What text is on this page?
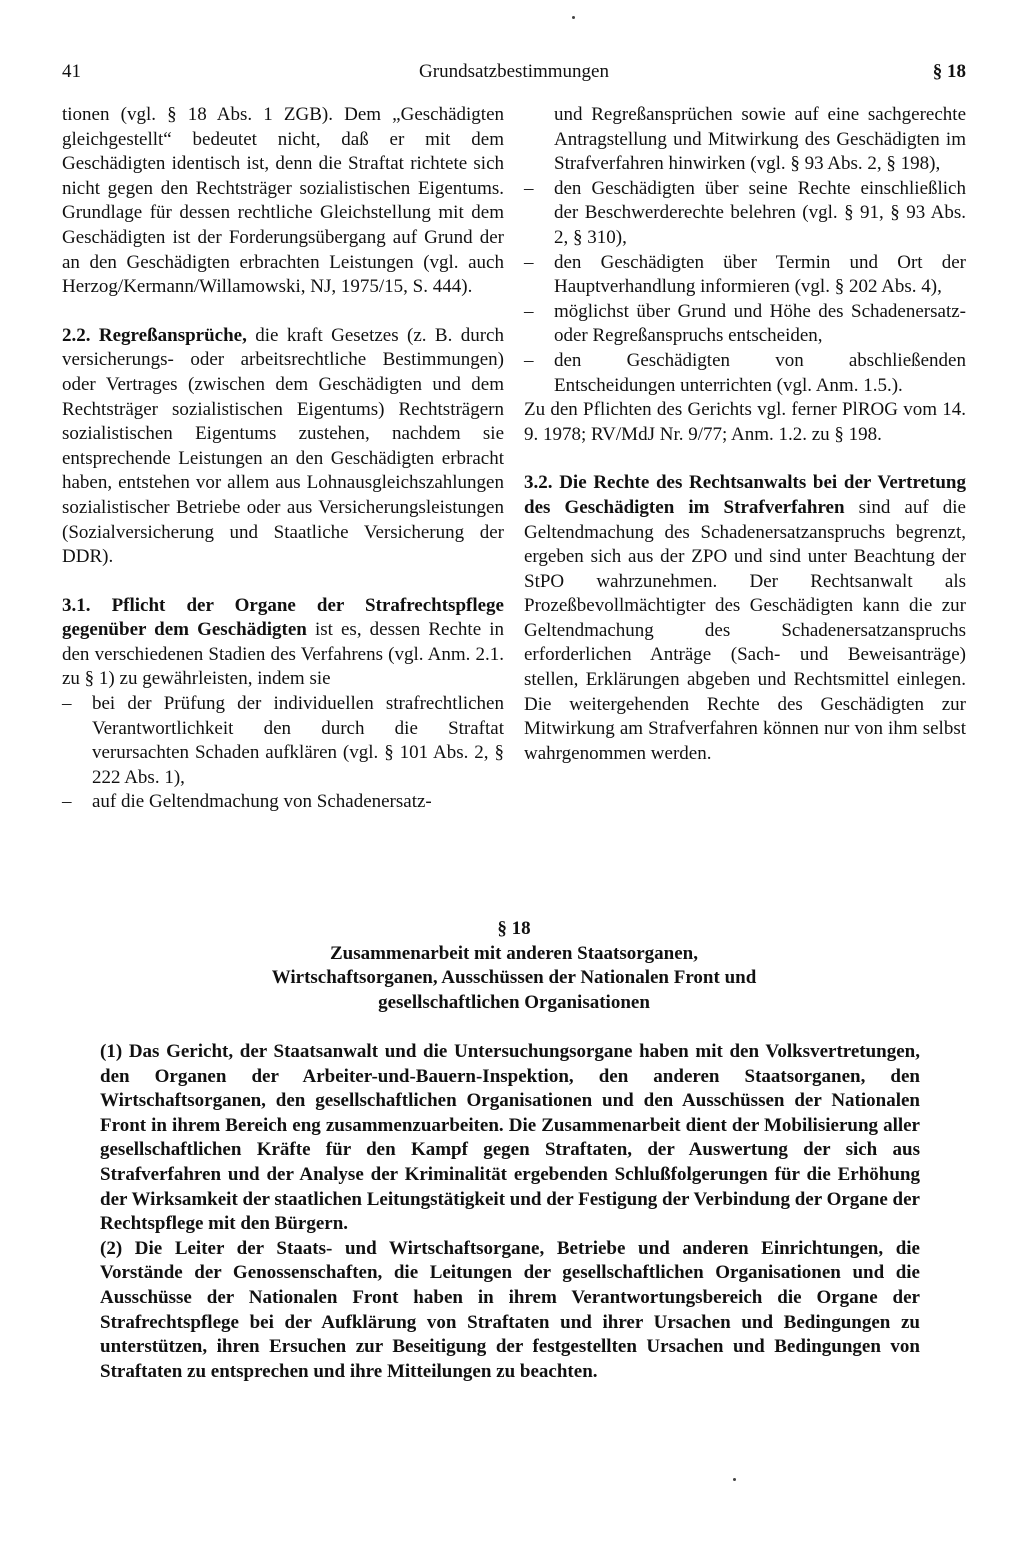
41	Grundsatzbestimmungen	§ 18

tionen (vgl. § 18 Abs. 1 ZGB). Dem „Geschädigten gleichgestellt“ bedeutet nicht, daß er mit dem Geschädigten identisch ist, denn die Straftat richtete sich nicht gegen den Rechtsträger sozialistischen Eigentums. Grundlage für dessen rechtliche Gleichstellung mit dem Geschädigten ist der Forderungsübergang auf Grund der an den Geschädigten erbrachten Leistungen (vgl. auch Herzog/Kermann/Willamowski, NJ, 1975/15, S. 444).

2.2. Regreßansprüche, die kraft Gesetzes (z. B. durch versicherungs- oder arbeitsrechtliche Bestimmungen) oder Vertrages (zwischen dem Geschädigten und dem Rechtsträger sozialistischen Eigentums) Rechtsträgern sozialistischen Eigentums zustehen, nachdem sie entsprechende Leistungen an den Geschädigten erbracht haben, entstehen vor allem aus Lohnausgleichszahlungen sozialistischer Betriebe oder aus Versicherungsleistungen (Sozialversicherung und Staatliche Versicherung der DDR).

3.1. Pflicht der Organe der Strafrechtspflege gegenüber dem Geschädigten ist es, dessen Rechte in den verschiedenen Stadien des Verfahrens (vgl. Anm. 2.1. zu § 1) zu gewährleisten, indem sie

– bei der Prüfung der individuellen strafrechtlichen Verantwortlichkeit den durch die Straftat verursachten Schaden aufklären (vgl. § 101 Abs. 2, § 222 Abs. 1),
– auf die Geltendmachung von Schadenersatz-

und Regreßansprüchen sowie auf eine sachgerechte Antragstellung und Mitwirkung des Geschädigten im Strafverfahren hinwirken (vgl. § 93 Abs. 2, § 198),

– den Geschädigten über seine Rechte einschließlich der Beschwerderechte belehren (vgl. § 91, § 93 Abs. 2, § 310),
– den Geschädigten über Termin und Ort der Hauptverhandlung informieren (vgl. § 202 Abs. 4),
– möglichst über Grund und Höhe des Schadenersatz- oder Regreßanspruchs entscheiden,
– den Geschädigten von abschließenden Entscheidungen unterrichten (vgl. Anm. 1.5.).

Zu den Pflichten des Gerichts vgl. ferner PlROG vom 14. 9. 1978; RV/MdJ Nr. 9/77; Anm. 1.2. zu § 198.

3.2. Die Rechte des Rechtsanwalts bei der Vertretung des Geschädigten im Strafverfahren sind auf die Geltendmachung des Schadenersatzanspruchs begrenzt, ergeben sich aus der ZPO und sind unter Beachtung der StPO wahrzunehmen. Der Rechtsanwalt als Prozeßbevollmächtigter des Geschädigten kann die zur Geltendmachung des Schadenersatzanspruchs erforderlichen Anträge (Sach- und Beweisanträge) stellen, Erklärungen abgeben und Rechtsmittel einlegen. Die weitergehenden Rechte des Geschädigten zur Mitwirkung am Strafverfahren können nur von ihm selbst wahrgenommen werden.

§ 18
Zusammenarbeit mit anderen Staatsorganen,
Wirtschaftsorganen, Ausschüssen der Nationalen Front und
gesellschaftlichen Organisationen

(1) Das Gericht, der Staatsanwalt und die Untersuchungsorgane haben mit den Volksvertretungen, den Organen der Arbeiter-und-Bauern-Inspektion, den anderen Staatsorganen, den Wirtschaftsorganen, den gesellschaftlichen Organisationen und den Ausschüssen der Nationalen Front in ihrem Bereich eng zusammenzuarbeiten. Die Zusammenarbeit dient der Mobilisierung aller gesellschaftlichen Kräfte für den Kampf gegen Straftaten, der Auswertung der sich aus Strafverfahren und der Analyse der Kriminalität ergebenden Schlußfolgerungen für die Erhöhung der Wirksamkeit der staatlichen Leitungstätigkeit und der Festigung der Verbindung der Organe der Rechtspflege mit den Bürgern.

(2) Die Leiter der Staats- und Wirtschaftsorgane, Betriebe und anderen Einrichtungen, die Vorstände der Genossenschaften, die Leitungen der gesellschaftlichen Organisationen und die Ausschüsse der Nationalen Front haben in ihrem Verantwortungsbereich die Organe der Strafrechtspflege bei der Aufklärung von Straftaten und ihrer Ursachen und Bedingungen zu unterstützen, ihren Ersuchen zur Beseitigung der festgestellten Ursachen und Bedingungen von Straftaten zu entsprechen und ihre Mitteilungen zu beachten.
